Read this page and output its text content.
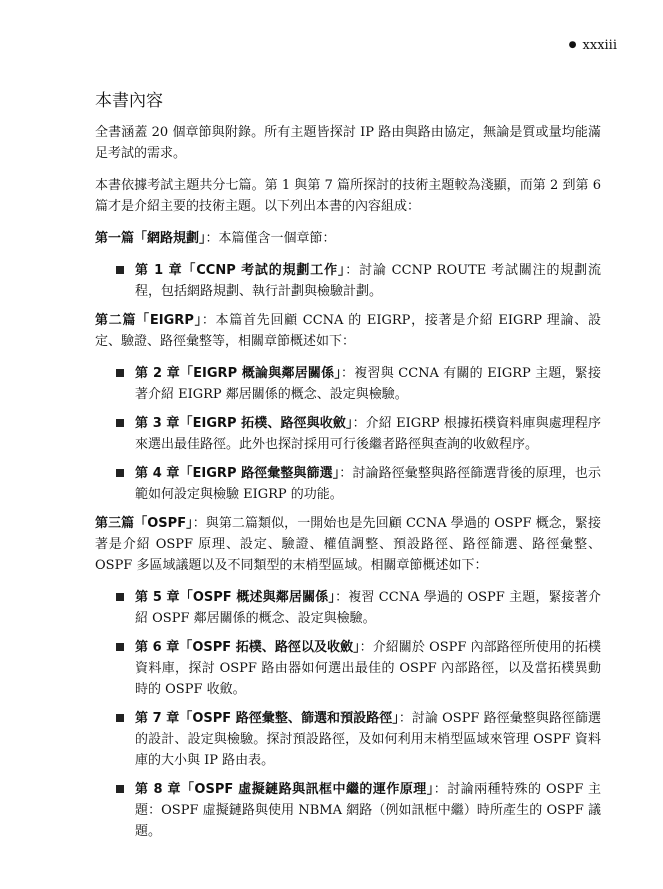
● xxxiii
本書內容

全書涵蓋 20 個章節與附錄。所有主題皆探討 IP 路由與路由協定，無論是質或量均能滿足考試的需求。

本書依據考試主題共分七篇。第 1 與第 7 篇所探討的技術主題較為淺顯，而第 2 到第 6 篇才是介紹主要的技術主題。以下列出本書的內容組成：

第一篇「網路規劃」：本篇僅含一個章節：

第 1 章「CCNP 考試的規劃工作」：討論 CCNP ROUTE 考試關注的規劃流程，包括網路規劃、執行計劃與檢驗計劃。

第二篇「EIGRP」：本篇首先回顧 CCNA 的 EIGRP，接著是介紹 EIGRP 理論、設定、驗證、路徑彙整等，相關章節概述如下：

第 2 章「EIGRP 概論與鄰居關係」：複習與 CCNA 有關的 EIGRP 主題，緊接著介紹 EIGRP 鄰居關係的概念、設定與檢驗。
第 3 章「EIGRP 拓樸、路徑與收斂」：介紹 EIGRP 根據拓樸資料庫與處理程序來選出最佳路徑。此外也探討採用可行後繼者路徑與查詢的收斂程序。
第 4 章「EIGRP 路徑彙整與篩選」：討論路徑彙整與路徑篩選背後的原理，也示範如何設定與檢驗 EIGRP 的功能。

第三篇「OSPF」：與第二篇類似，一開始也是先回顧 CCNA 學過的 OSPF 概念，緊接著是介紹 OSPF 原理、設定、驗證、權值調整、預設路徑、路徑篩選、路徑彙整、OSPF 多區域議題以及不同類型的末梢型區域。相關章節概述如下：

第 5 章「OSPF 概述與鄰居關係」：複習 CCNA 學過的 OSPF 主題，緊接著介紹 OSPF 鄰居關係的概念、設定與檢驗。
第 6 章「OSPF 拓樸、路徑以及收斂」：介紹關於 OSPF 內部路徑所使用的拓樸資料庫，探討 OSPF 路由器如何選出最佳的 OSPF 內部路徑，以及當拓樸異動時的 OSPF 收斂。
第 7 章「OSPF 路徑彙整、篩選和預設路徑」：討論 OSPF 路徑彙整與路徑篩選的設計、設定與檢驗。探討預設路徑，及如何利用末梢型區域來管理 OSPF 資料庫的大小與 IP 路由表。
第 8 章「OSPF 虛擬鏈路與訊框中繼的運作原理」：討論兩種特殊的 OSPF 主題：OSPF 虛擬鏈路與使用 NBMA 網路（例如訊框中繼）時所產生的 OSPF 議題。
